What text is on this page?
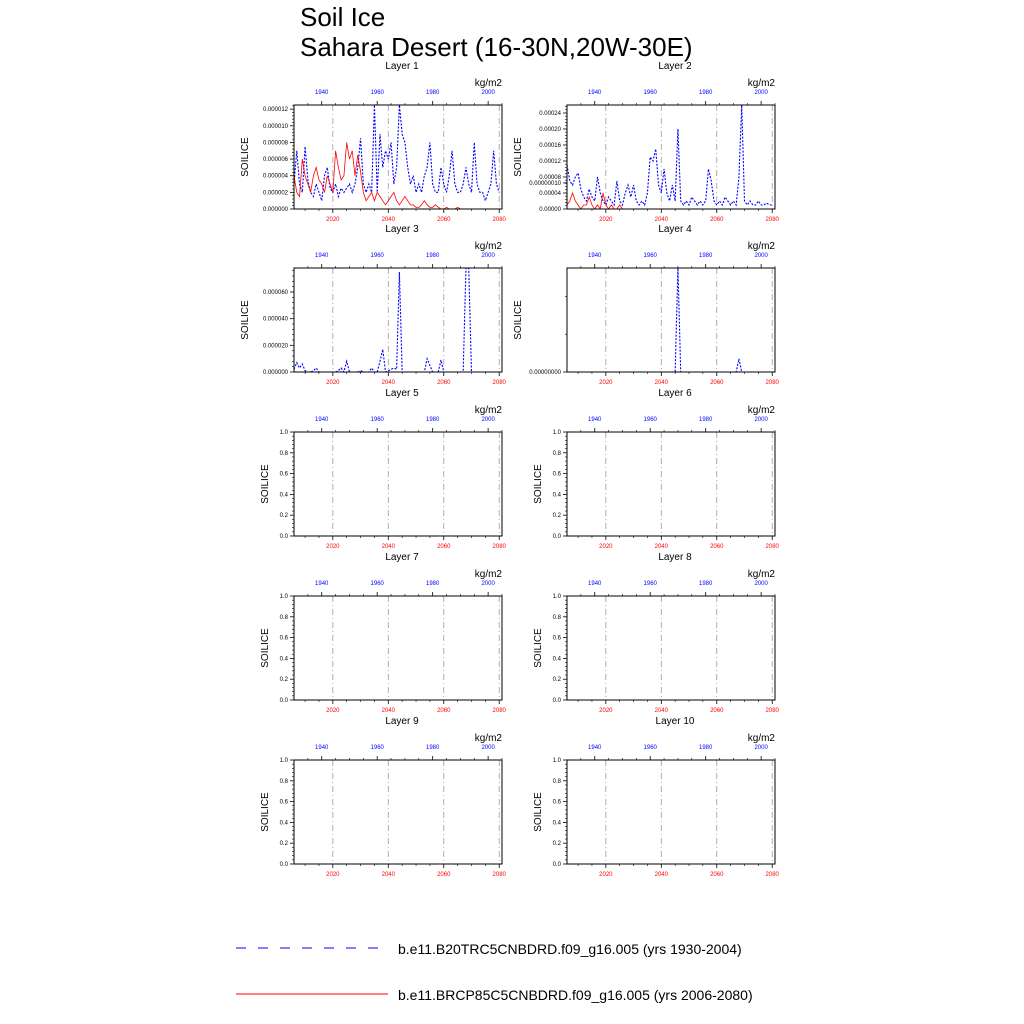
Soil Ice
Sahara Desert (16-30N,20W-30E)
Layer 1
kg/m2
0.000000
0.000002
0.000004
0.000006
0.000008
0.000010
0.000012
SOILICE
2020	2040	2060	2080
1940	1960	1980	2000
Layer 2
kg/m2
0.00000
0.00004
0.00008
0.00012
0.00016
0.00020
0.00024
SOILICE
2020	2040	2060	2080
1940	1960	1980	2000
Layer 3
kg/m2
0.000000
0.000020
0.000040
0.000060
SOILICE
2020	2040	2060	2080
1940	1960	1980	2000
Layer 4
kg/m2
0.00000000
0.00000010
SOILICE
2020	2040	2060	2080
1940	1960	1980	2000
Layer 5
kg/m2
0.0
0.2
0.4
0.6
0.8
1.0
SOILICE
2020	2040	2060	2080
1940	1960	1980	2000
Layer 6
kg/m2
0.0
0.2
0.4
0.6
0.8
1.0
SOILICE
2020	2040	2060	2080
1940	1960	1980	2000
Layer 7
kg/m2
0.0
0.2
0.4
0.6
0.8
1.0
SOILICE
2020	2040	2060	2080
1940	1960	1980	2000
Layer 8
kg/m2
0.0
0.2
0.4
0.6
0.8
1.0
SOILICE
2020	2040	2060	2080
1940	1960	1980	2000
Layer 9
kg/m2
0.0
0.2
0.4
0.6
0.8
1.0
SOILICE
2020	2040	2060	2080
1940	1960	1980	2000
Layer 10
kg/m2
0.0
0.2
0.4
0.6
0.8
1.0
SOILICE
2020	2040	2060	2080
1940	1960	1980	2000
b.e11.B20TRC5CNBDRD.f09_g16.005 (yrs 1930-2004)
b.e11.BRCP85C5CNBDRD.f09_g16.005 (yrs 2006-2080)
